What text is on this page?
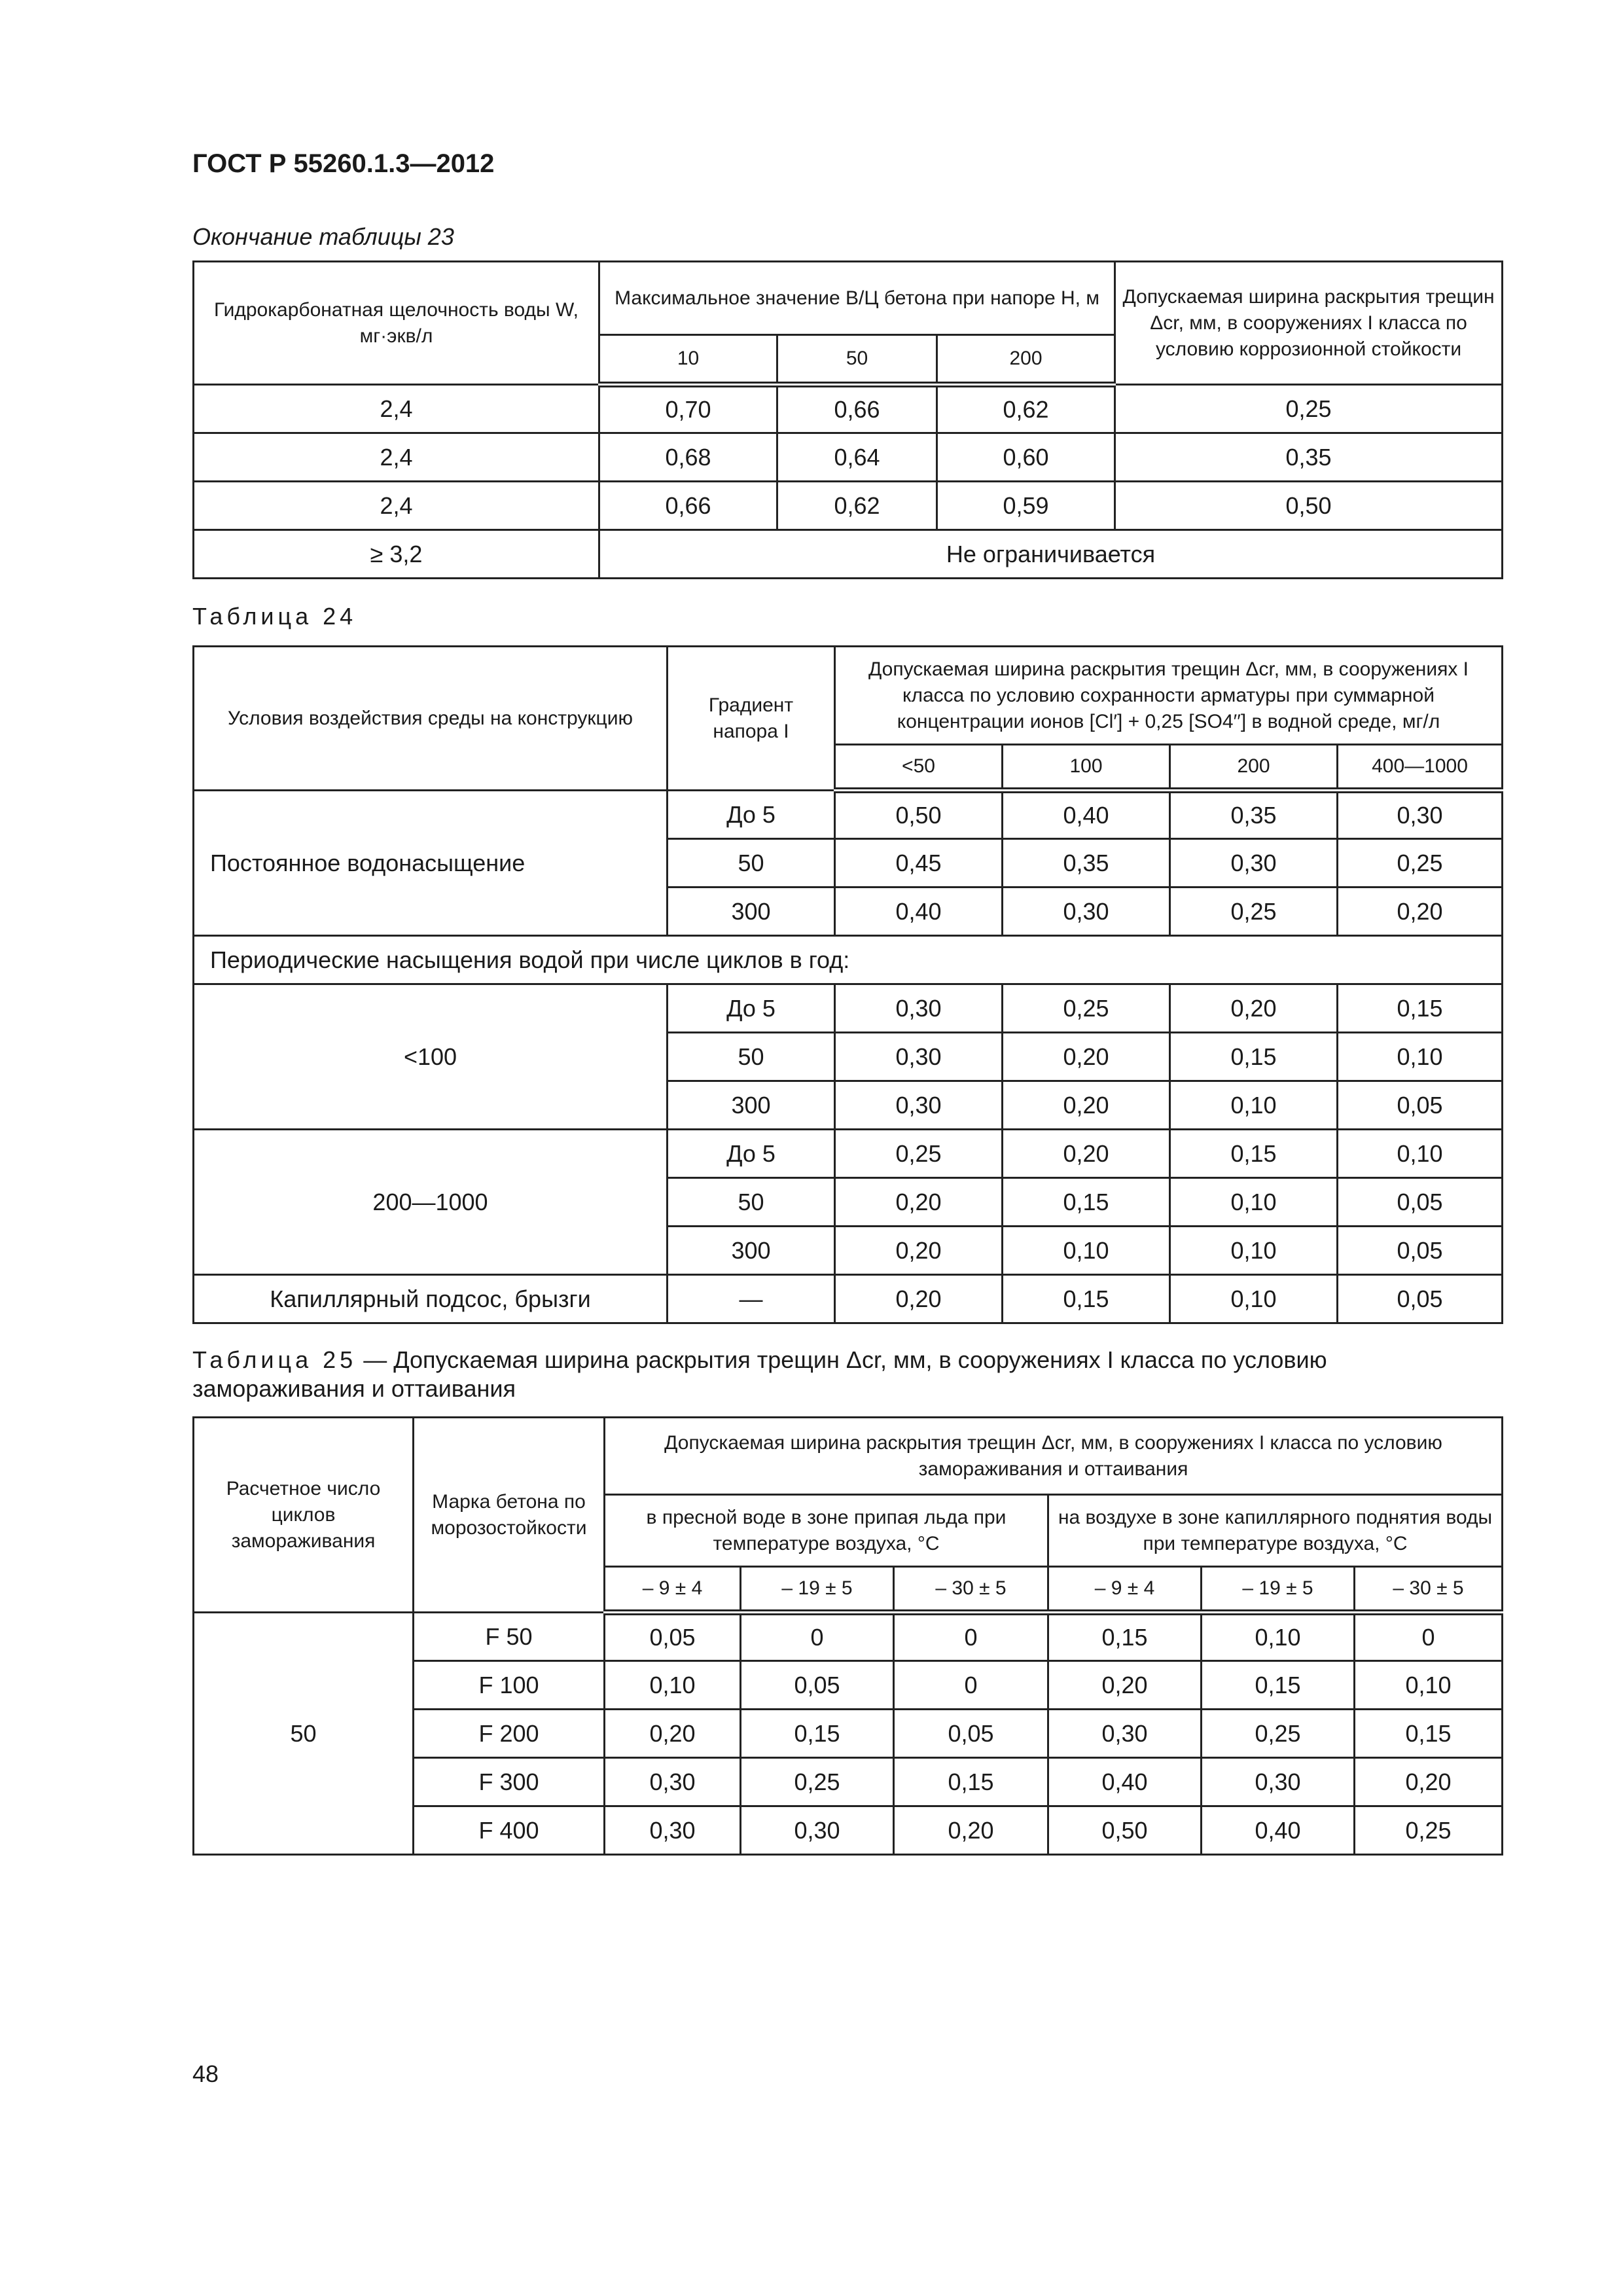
ГОСТ Р 55260.1.3—2012
Окончание таблицы 23
Гидрокарбонатная щелочность воды W, мг·экв/л	Максимальное значение В/Ц бетона при напоре H, м			Допускаемая ширина раскрытия трещин Δcr, мм, в сооружениях I класса по условию коррозионной стойкости
	10	50	200	
2,4	0,70	0,66	0,62	0,25
2,4	0,68	0,64	0,60	0,35
2,4	0,66	0,62	0,59	0,50
≥ 3,2	Не ограничивается			
Таблица 24
Условия воздействия среды на конструкцию	Градиент напора I	Допускаемая ширина раскрытия трещин Δcr, мм, в сооружениях I класса по условию сохранности арматуры при суммарной концентрации ионов [Cl′] + 0,25 [SO4′′] в водной среде, мг/л			
		<50	100	200	400—1000
Постоянное водонасыщение	До 5	0,50	0,40	0,35	0,30
	50	0,45	0,35	0,30	0,25
	300	0,40	0,30	0,25	0,20
Периодические насыщения водой при числе циклов в год:					
<100	До 5	0,30	0,25	0,20	0,15
	50	0,30	0,20	0,15	0,10
	300	0,30	0,20	0,10	0,05
200—1000	До 5	0,25	0,20	0,15	0,10
	50	0,20	0,15	0,10	0,05
	300	0,20	0,10	0,10	0,05
Капиллярный подсос, брызги	—	0,20	0,15	0,10	0,05
Таблица 25 — Допускаемая ширина раскрытия трещин Δcr, мм, в сооружениях I класса по условию замораживания и оттаивания
Расчетное число циклов замораживания	Марка бетона по морозостойкости	Допускаемая ширина раскрытия трещин Δcr, мм, в сооружениях I класса по условию замораживания и оттаивания					
		в пресной воде в зоне припая льда при температуре воздуха, °С			на воздухе в зоне капиллярного поднятия воды при температуре воздуха, °С		
		– 9 ± 4	– 19 ± 5	– 30 ± 5	– 9 ± 4	– 19 ± 5	– 30 ± 5
50	F 50	0,05	0	0	0,15	0,10	0
	F 100	0,10	0,05	0	0,20	0,15	0,10
	F 200	0,20	0,15	0,05	0,30	0,25	0,15
	F 300	0,30	0,25	0,15	0,40	0,30	0,20
	F 400	0,30	0,30	0,20	0,50	0,40	0,25
48
